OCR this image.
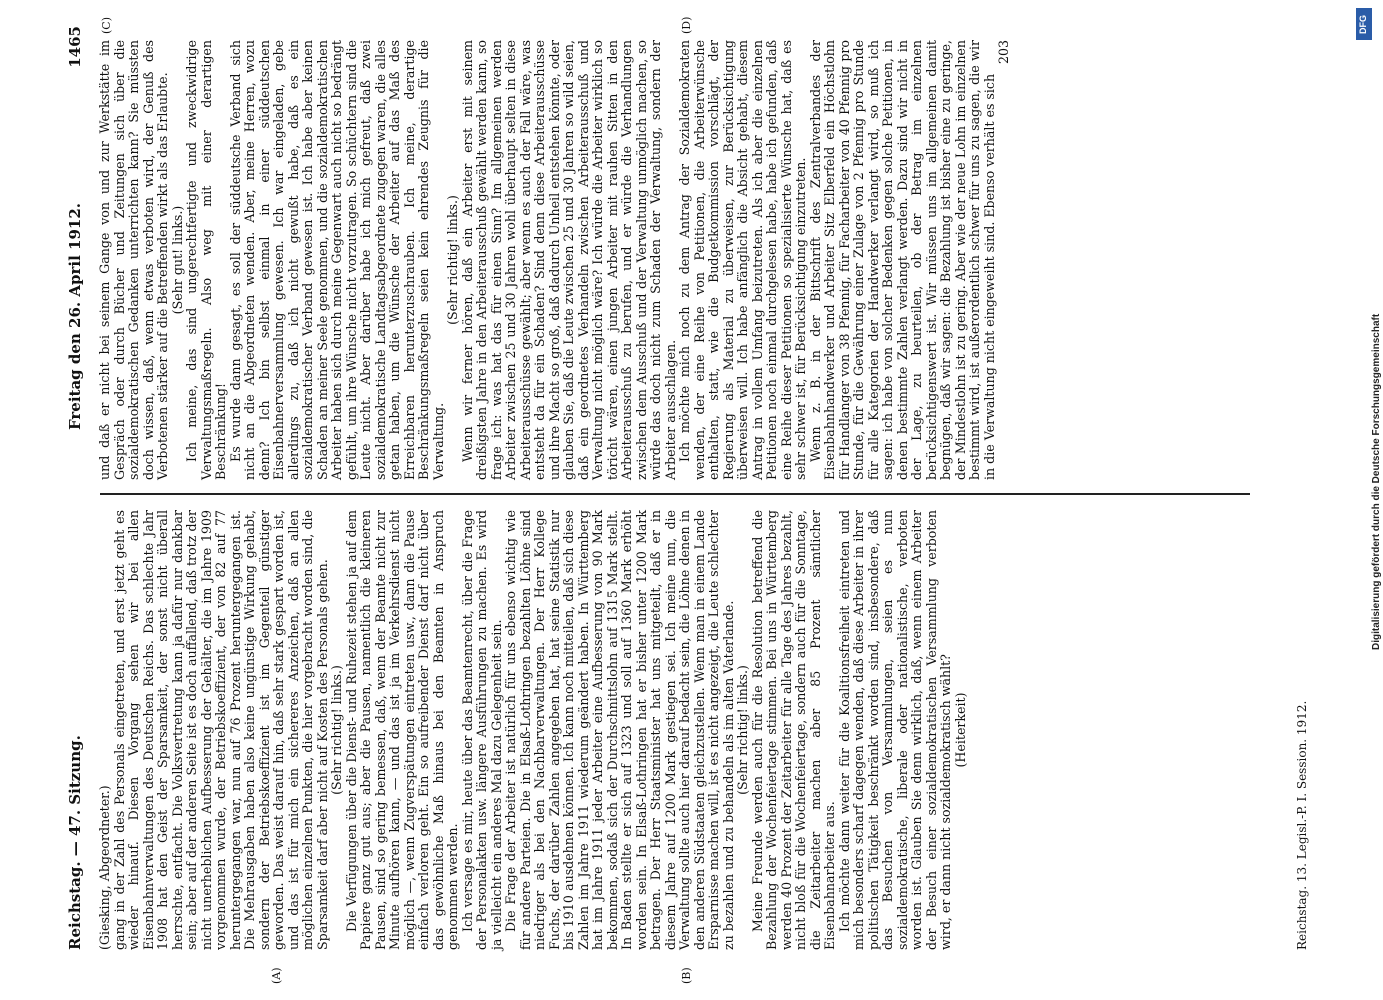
Reichstag. — 47. Sitzung.
Freitag den 26. April 1912.
1465
(A)	(B)
(C)	(D)

(Giesking, Abgeordneter.) gang in der Zahl des Personals eingetreten, und erst jetzt geht es wieder hinauf. Diesen Vorgang sehen wir bei allen Eisenbahnverwaltungen des Deutschen Reichs. Das schlechte Jahr 1908 hat den Geist der Sparsamkeit, der sonst nicht überall herrschte, entfacht. Die Volksvertretung kann ja dafür nur dankbar sein; aber auf der anderen Seite ist es doch auffallend, daß trotz der nicht unerheblichen Aufbesserung der Gehälter, die im Jahre 1909 vorgenommen wurde, der Betriebskoeffizient, der von 82 auf 77 heruntergegangen war, nun auf 76 Prozent heruntergegangen ist. Die Mehrausgaben haben also keine ungünstige Wirkung gehabt, sondern der Betriebskoeffizient ist im Gegenteil günstiger geworden. Das weist darauf hin, daß sehr stark gespart worden ist, und das ist für mich ein sichereres Anzeichen, daß an allen möglichen einzelnen Punkten, die hier vorgebracht worden sind, die Sparsamkeit darf aber nicht auf Kosten des Personals gehen. (Sehr richtig! links.) Die Verfügungen über die Dienst- und Ruhezeit stehen ja auf dem Papiere ganz gut aus; aber die Pausen, namentlich die kleineren Pausen, sind so gering bemessen, daß, wenn der Beamte nicht zur Minute aufhören kann, — und das ist ja im Verkehrsdienst nicht möglich —, wenn Zugverspätungen eintreten usw., dann die Pause einfach verloren geht. Ein so aufreibender Dienst darf nicht über das gewöhnliche Maß hinaus bei den Beamten in Anspruch genommen werden. Ich versage es mir, heute über das Beamtenrecht, über die Frage der Personalakten usw. längere Ausführungen zu machen. Es wird ja vielleicht ein anderes Mal dazu Gelegenheit sein. Die Frage der Arbeiter ist natürlich für uns ebenso wichtig wie für andere Parteien. Die in Elsaß-Lothringen bezahlten Löhne sind niedriger als bei den Nachbarverwaltungen. Der Herr Kollege Fuchs, der darüber Zahlen angegeben hat, hat seine Statistik nur bis 1910 ausdehnen können. Ich kann noch mitteilen, daß sich diese Zahlen im Jahre 1911 wiederum geändert haben. In Württemberg hat im Jahre 1911 jeder Arbeiter eine Aufbesserung von 90 Mark bekommen, sodaß sich der Durchschnittslohn auf 1315 Mark stellt. In Baden stellte er sich auf 1323 und soll auf 1360 Mark erhöht worden sein. In Elsaß-Lothringen hat er bisher unter 1200 Mark betragen. Der Herr Staatsminister hat uns mitgeteilt, daß er in diesem Jahre auf 1200 Mark gestiegen sei. Ich meine nun, die Verwaltung sollte auch hier darauf bedacht sein, die Löhne denen in den anderen Südstaaten gleichzustellen. Wenn man in einem Lande Ersparnisse machen will, ist es nicht angezeigt, die Leute schlechter zu bezahlen und zu behandeln als im alten Vaterlande. (Sehr richtig! links.) Meine Freunde werden auch für die Resolution betreffend die Bezahlung der Wochenfeiertage stimmen. Bei uns in Württemberg werden 40 Prozent der Zeitarbeiter für alle Tage des Jahres bezahlt, nicht bloß für die Wochenfeiertage, sondern auch für die Sonntage, die Zeitarbeiter machen aber 85 Prozent sämtlicher Eisenbahnarbeiter aus. Ich möchte dann weiter für die Koalitionsfreiheit eintreten und mich besonders scharf dagegen wenden, daß diese Arbeiter in ihrer politischen Tätigkeit beschränkt worden sind, insbesondere, daß das Besuchen von Versammlungen, seien es nun sozialdemokratische, liberale oder nationalistische, verboten worden ist. Glauben Sie denn wirklich, daß, wenn einem Arbeiter der Besuch einer sozialdemokratischen Versammlung verboten wird, er dann nicht sozialdemokratisch wählt? (Heiterkeit)

und daß er nicht bei seinem Gange von und zur Werkstätte im Gespräch oder durch Bücher und Zeitungen sich über die sozialdemokratischen Gedanken unterrichten kann? Sie müssten doch wissen, daß, wenn etwas verboten wird, der Genuß des Verbotenen stärker auf die Betreffenden wirkt als das Erlaubte. (Sehr gut! links.) Ich meine, das sind ungerechtfertigte und zweckwidrige Verwaltungsmaßregeln. Also weg mit einer derartigen Beschränkung! Es wurde dann gesagt, es soll der süddeutsche Verband sich nicht an die Abgeordneten wenden. Aber, meine Herren, wozu denn? Ich bin selbst einmal in einer süddeutschen Eisenbahnerversammlung gewesen. Ich war eingeladen, gebe allerdings zu, daß ich nicht gewußt habe, daß es ein sozialdemokratischer Verband gewesen ist. Ich habe aber keinen Schaden an meiner Seele genommen, und die sozialdemokratischen Arbeiter haben sich durch meine Gegenwart auch nicht so bedrängt gefühlt, um ihre Wünsche nicht vorzutragen. So schüchtern sind die Leute nicht. Aber darüber habe ich mich gefreut, daß zwei sozialdemokratische Landtagsabgeordnete zugegen waren, die alles getan haben, um die Wünsche der Arbeiter auf das Maß des Erreichbaren herunterzuschrauben. Ich meine, derartige Beschränkungsmaßregeln seien kein ehrendes Zeugnis für die Verwaltung.

(Sehr richtig! links.) Wenn wir ferner hören, daß ein Arbeiter erst mit seinem dreißigsten Jahre in den Arbeiterausschuß gewählt werden kann, so frage ich: was hat das für einen Sinn? Im allgemeinen werden Arbeiter zwischen 25 und 30 Jahren wohl überhaupt selten in diese Arbeiterausschüsse gewählt; aber wenn es auch der Fall wäre, was entsteht da für ein Schaden? Sind denn diese Arbeiterausschüsse und ihre Macht so groß, daß dadurch Unheil entstehen könnte, oder glauben Sie, daß die Leute zwischen 25 und 30 Jahren so wild seien, daß ein geordnetes Verhandeln zwischen Arbeiterausschuß und Verwaltung nicht möglich wäre? Ich würde die Arbeiter wirklich so töricht wären, einen jungen Arbeiter mit rauhen Sitten in den Arbeiterausschuß zu berufen, und er würde die Verhandlungen zwischen dem Ausschuß und der Verwaltung unmöglich machen, so würde das doch nicht zum Schaden der Verwaltung, sondern der Arbeiter ausschlagen. Ich möchte mich noch zu dem Antrag der Sozialdemokraten wenden, der eine Reihe von Petitionen, die Arbeiterwünsche enthalten, statt, wie die Budgetkommission vorschlägt, der Regierung als Material zu überweisen, zur Berücksichtigung überweisen will. Ich habe anfänglich die Absicht gehabt, diesem Antrag in vollem Umfang beizutreten. Als ich aber die einzelnen Petitionen noch einmal durchgelesen habe, habe ich gefunden, daß eine Reihe dieser Petitionen so spezialisierte Wünsche hat, daß es sehr schwer ist, für Berücksichtigung einzutreten. Wenn z. B. in der Bittschrift des Zentralverbandes der Eisenbahnhandwerker und Arbeiter Sitz Elberfeld ein Höchstlohn für Handlanger von 38 Pfennig, für Facharbeiter von 40 Pfennig pro Stunde, für die Gewährung einer Zulage von 2 Pfennig pro Stunde für alle Kategorien der Handwerker verlangt wird, so muß ich sagen: ich habe von solcher Bedenken gegen solche Petitionen, in denen bestimmte Zahlen verlangt werden. Dazu sind wir nicht in der Lage, zu beurteilen, ob der Betrag im einzelnen berücksichtigenswert ist. Wir müssen uns im allgemeinen damit begnügen, daß wir sagen: die Bezahlung ist bisher eine zu geringe, der Mindestlohn ist zu gering. Aber wie der neue Lohn im einzelnen bestimmt wird, ist außerordentlich schwer für uns zu sagen, die wir in die Verwaltung nicht eingeweiht sind. Ebenso verhält es sich

203

Reichstag. 13. Legisl.-P. I. Session. 1912.
DFG
Digitalisierung gefördert durch die Deutsche Forschungsgemeinschaft
